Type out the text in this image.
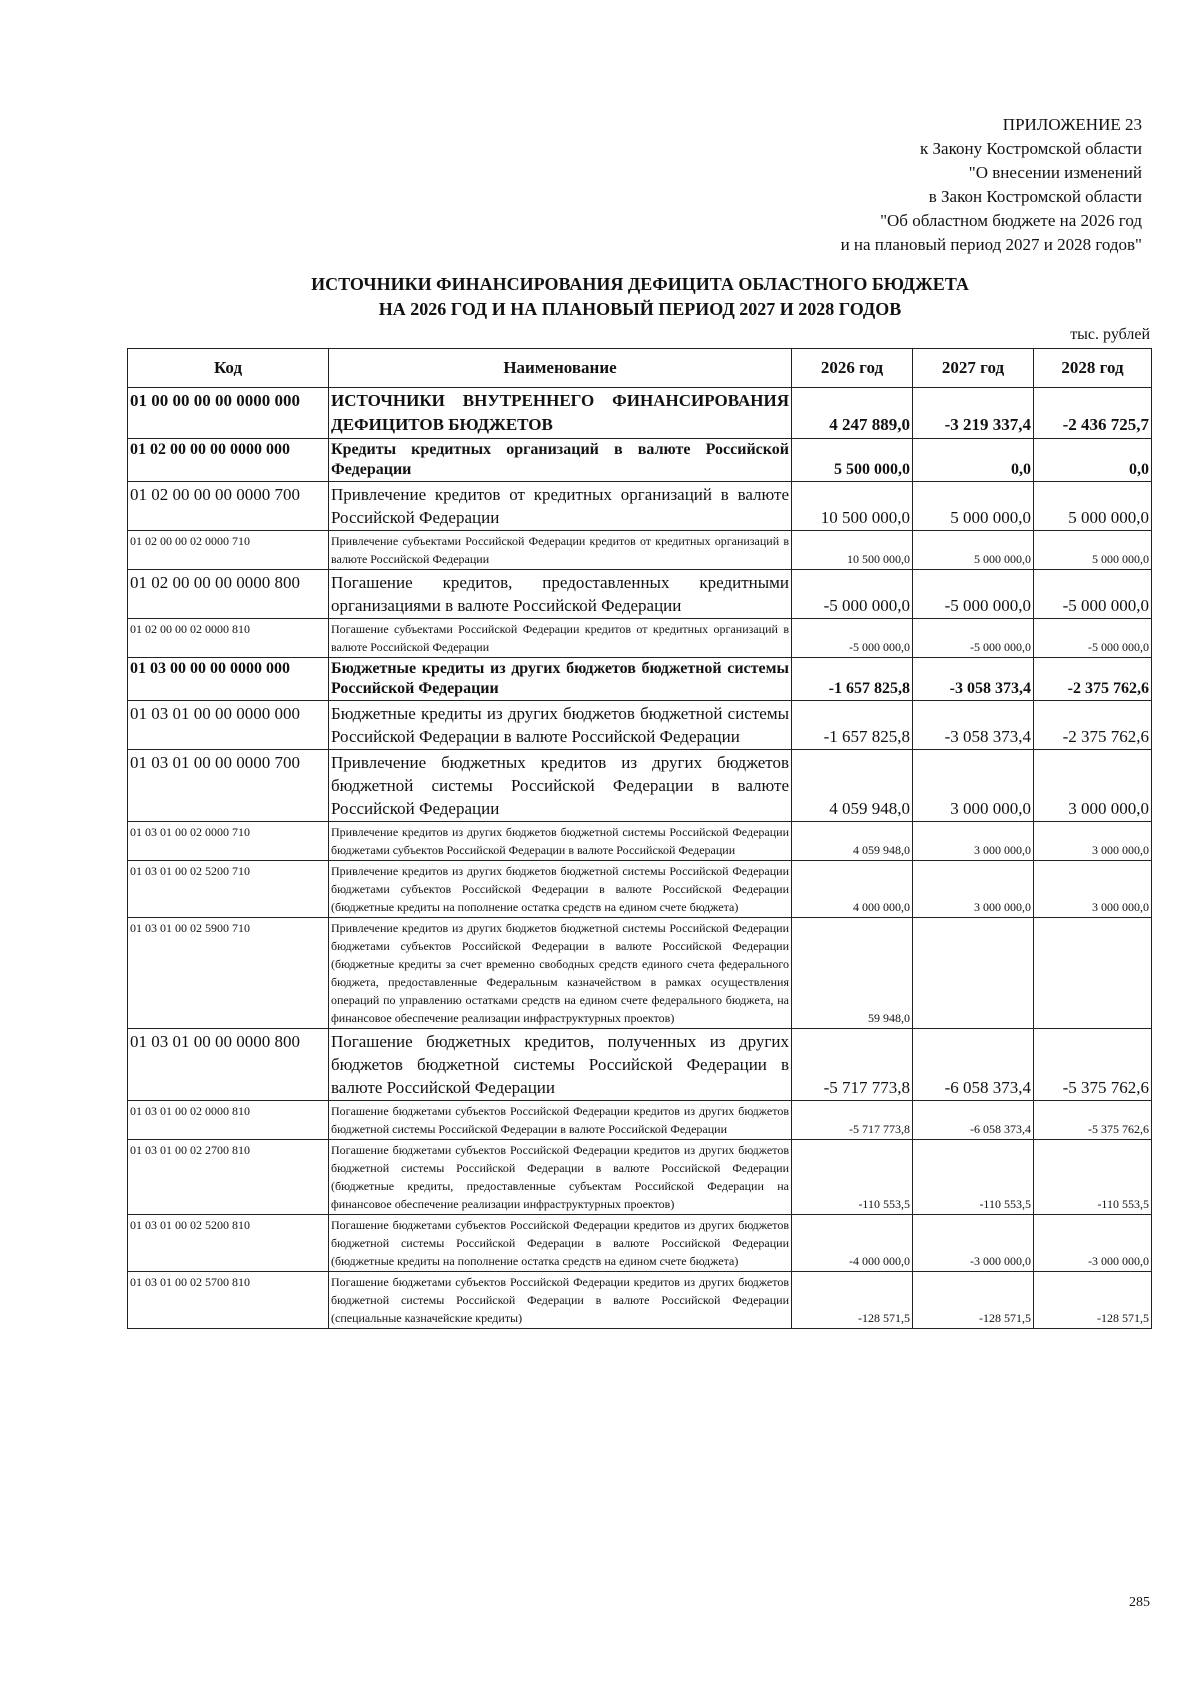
ПРИЛОЖЕНИЕ 23
к Закону Костромской области
"О внесении изменений
в Закон Костромской области
"Об областном бюджете на 2026 год
и на плановый период 2027 и 2028 годов"
ИСТОЧНИКИ ФИНАНСИРОВАНИЯ ДЕФИЦИТА ОБЛАСТНОГО БЮДЖЕТА
НА 2026 ГОД И НА ПЛАНОВЫЙ ПЕРИОД 2027 И 2028 ГОДОВ
тыс. рублей
Код	Наименование	2026 год	2027 год	2028 год
01 00 00 00 00 0000 000	ИСТОЧНИКИ ВНУТРЕННЕГО ФИНАНСИРОВАНИЯ ДЕФИЦИТОВ БЮДЖЕТОВ	4 247 889,0	-3 219 337,4	-2 436 725,7
01 02 00 00 00 0000 000	Кредиты кредитных организаций в валюте Российской Федерации	5 500 000,0	0,0	0,0
01 02 00 00 00 0000 700	Привлечение кредитов от кредитных организаций в валюте Российской Федерации	10 500 000,0	5 000 000,0	5 000 000,0
01 02 00 00 02 0000 710	Привлечение субъектами Российской Федерации кредитов от кредитных организаций в валюте Российской Федерации	10 500 000,0	5 000 000,0	5 000 000,0
01 02 00 00 00 0000 800	Погашение кредитов, предоставленных кредитными организациями в валюте Российской Федерации	-5 000 000,0	-5 000 000,0	-5 000 000,0
01 02 00 00 02 0000 810	Погашение субъектами Российской Федерации кредитов от кредитных организаций в валюте Российской Федерации	-5 000 000,0	-5 000 000,0	-5 000 000,0
01 03 00 00 00 0000 000	Бюджетные кредиты из других бюджетов бюджетной системы Российской Федерации	-1 657 825,8	-3 058 373,4	-2 375 762,6
01 03 01 00 00 0000 000	Бюджетные кредиты из других бюджетов бюджетной системы Российской Федерации в валюте Российской Федерации	-1 657 825,8	-3 058 373,4	-2 375 762,6
01 03 01 00 00 0000 700	Привлечение бюджетных кредитов из других бюджетов бюджетной системы Российской Федерации в валюте Российской Федерации	4 059 948,0	3 000 000,0	3 000 000,0
01 03 01 00 02 0000 710	Привлечение кредитов из других бюджетов бюджетной системы Российской Федерации бюджетами субъектов Российской Федерации в валюте Российской Федерации	4 059 948,0	3 000 000,0	3 000 000,0
01 03 01 00 02 5200 710	Привлечение кредитов из других бюджетов бюджетной системы Российской Федерации бюджетами субъектов Российской Федерации в валюте Российской Федерации (бюджетные кредиты на пополнение остатка средств на едином счете бюджета)	4 000 000,0	3 000 000,0	3 000 000,0
01 03 01 00 02 5900 710	Привлечение кредитов из других бюджетов бюджетной системы Российской Федерации бюджетами субъектов Российской Федерации в валюте Российской Федерации (бюджетные кредиты за счет временно свободных средств единого счета федерального бюджета, предоставленные Федеральным казначейством в рамках осуществления операций по управлению остатками средств на едином счете федерального бюджета, на финансовое обеспечение реализации инфраструктурных проектов)	59 948,0		
01 03 01 00 00 0000 800	Погашение бюджетных кредитов, полученных из других бюджетов бюджетной системы Российской Федерации в валюте Российской Федерации	-5 717 773,8	-6 058 373,4	-5 375 762,6
01 03 01 00 02 0000 810	Погашение бюджетами субъектов Российской Федерации кредитов из других бюджетов бюджетной системы Российской Федерации в валюте Российской Федерации	-5 717 773,8	-6 058 373,4	-5 375 762,6
01 03 01 00 02 2700 810	Погашение бюджетами субъектов Российской Федерации кредитов из других бюджетов бюджетной системы Российской Федерации в валюте Российской Федерации (бюджетные кредиты, предоставленные субъектам Российской Федерации на финансовое обеспечение реализации инфраструктурных проектов)	-110 553,5	-110 553,5	-110 553,5
01 03 01 00 02 5200 810	Погашение бюджетами субъектов Российской Федерации кредитов из других бюджетов бюджетной системы Российской Федерации в валюте Российской Федерации (бюджетные кредиты на пополнение остатка средств на едином счете бюджета)	-4 000 000,0	-3 000 000,0	-3 000 000,0
01 03 01 00 02 5700 810	Погашение бюджетами субъектов Российской Федерации кредитов из других бюджетов бюджетной системы Российской Федерации в валюте Российской Федерации (специальные казначейские кредиты)	-128 571,5	-128 571,5	-128 571,5
285
